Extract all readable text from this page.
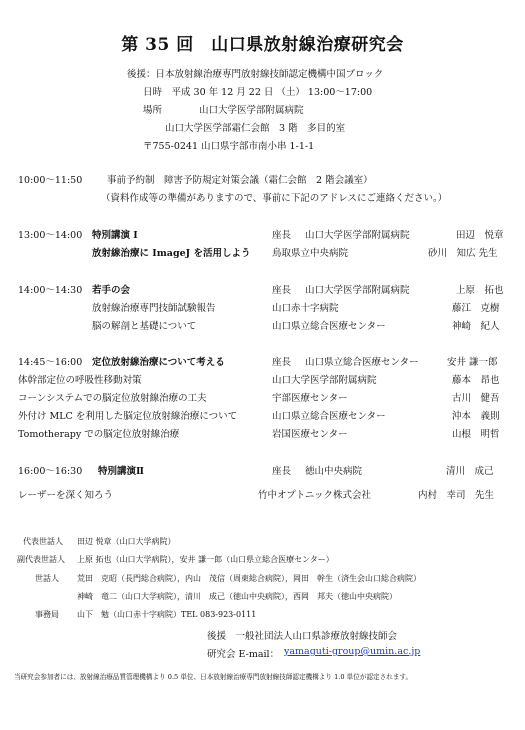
第 35 回　山口県放射線治療研究会
後援：日本放射線治療専門放射線技師認定機構中国ブロック
日時　平成 30 年 12 月 22 日 （土） 13:00～17:00
場所	山口大学医学部附属病院
山口大学医学部霜仁会館　3 階　多目的室
〒755-0241 山口県宇部市南小串 1-1-1
10:00～11:50	事前予約制　障害予防規定対策会議（霜仁会館　2 階会議室）
（資料作成等の準備がありますので、事前に下記のアドレスにご連絡ください。）
13:00～14:00 特別講演 I	座長 山口大学医学部附属病院	田辺　悦章
放射線治療に ImageJ を活用しよう 鳥取県立中央病院	砂川　知広 先生
14:00～14:30 若手の会	座長 山口大学医学部附属病院	上原　拓也
放射線治療専門技師試験報告	山口赤十字病院	藤江　克樹
脳の解剖と基礎について	山口県立総合医療センター	神崎　紀人
14:45～16:00 定位放射線治療について考える	座長 山口県立総合医療センター	安井 謙一郎
体幹部定位の呼吸性移動対策	山口大学医学部附属病院	藤本　昂也
コーンシステムでの脳定位放射線治療の工夫	宇部医療センター	古川　健吾
外付け MLC を利用した脳定位放射線治療について	山口県立総合医療センター	沖本　義則
Tomotherapy での脳定位放射線治療	岩国医療センター	山根　明哲
16:00～16:30 特別講演Ⅱ	座長 徳山中央病院	清川　成己
レーザーを深く知ろう	竹中オプトニック株式会社	内村　幸司　先生
代表世話人 田辺 悦章（山口大学病院）
副代表世話人 上原 拓也（山口大学病院），安井 謙一郎（山口県立総合医療センター）
世話人 荒田　克昭（長門総合病院），内山　茂信（周東総合病院），岡田　幹生（済生会山口総合病院）
神崎　竜二（山口大学病院），清川　成己（徳山中央病院），西岡　邦夫（徳山中央病院）
事務局 山下　勉（山口赤十字病院）TEL 083-923-0111
後援　一般社団法人山口県診療放射線技師会
研究会 E-mail： yamaguti-group@umin.ac.jp
当研究会参加者には、放射線治療品質管理機構より 0.5 単位、日本放射線治療専門放射線技師認定機構より 1.0 単位が認定されます。
